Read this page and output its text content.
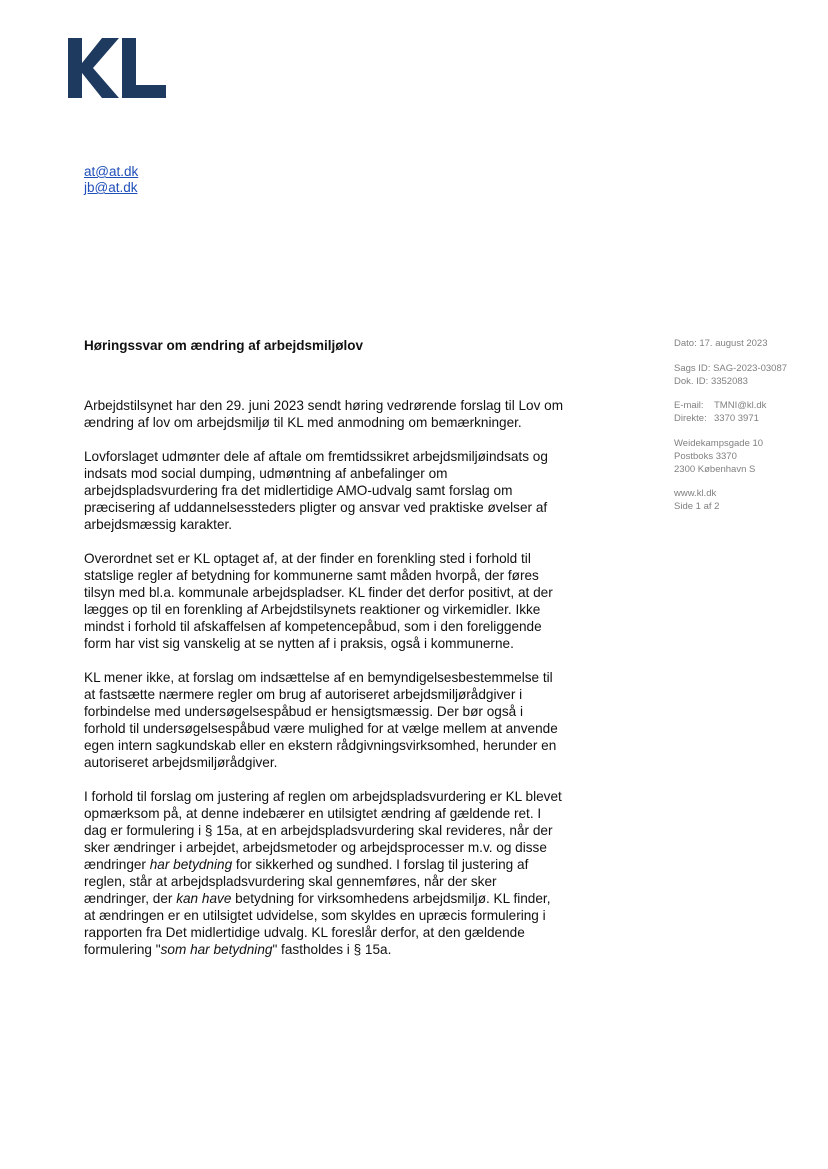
at@at.dk
jb@at.dk
Høringssvar om ændring af arbejdsmiljølov	Dato:
17. august 2023
Sags ID:
SAG-2023-03087
Dok. ID:
3352083
E-mail:	TMNI@kl.dk
Direkte: 3370 3971
Weidekampsgade 10
Postboks 3370
2300 København S
www.kl.dk
Side 1 af 2

Arbejdstilsynet har den 29. juni 2023 sendt høring vedrørende forslag til Lov om ændring af lov om arbejdsmiljø til KL med anmodning om bemærkninger.

Lovforslaget udmønter dele af aftale om fremtidssikret arbejdsmiljøindsats og indsats mod social dumping, udmøntning af anbefalinger om arbejdspladsvurdering fra det midlertidige AMO-udvalg samt forslag om præcisering af uddannelsessteders pligter og ansvar ved praktiske øvelser af arbejdsmæssig karakter.

Overordnet set er KL optaget af, at der finder en forenkling sted i forhold til statslige regler af betydning for kommunerne samt måden hvorpå, der føres tilsyn med bl.a. kommunale arbejdspladser. KL finder det derfor positivt, at der lægges op til en forenkling af Arbejdstilsynets reaktioner og virkemidler. Ikke mindst i forhold til afskaffelsen af kompetencepåbud, som i den foreliggende form har vist sig vanskelig at se nytten af i praksis, også i kommunerne.

KL mener ikke, at forslag om indsættelse af en bemyndigelsesbestemmelse til at fastsætte nærmere regler om brug af autoriseret arbejdsmiljørådgiver i forbindelse med undersøgelsespåbud er hensigtsmæssig. Der bør også i forhold til undersøgelsespåbud være mulighed for at vælge mellem at anvende egen intern sagkundskab eller en ekstern rådgivningsvirksomhed, herunder en autoriseret arbejdsmiljørådgiver.

I forhold til forslag om justering af reglen om arbejdspladsvurdering er KL blevet opmærksom på, at denne indebærer en utilsigtet ændring af gældende ret. I dag er formulering i § 15a, at en arbejdspladsvurdering skal revideres, når der sker ændringer i arbejdet, arbejdsmetoder og arbejdsprocesser m.v. og disse ændringer har betydning for sikkerhed og sundhed. I forslag til justering af reglen, står at arbejdspladsvurdering skal gennemføres, når der sker ændringer, der kan have betydning for virksomhedens arbejdsmiljø. KL finder, at ændringen er en utilsigtet udvidelse, som skyldes en upræcis formulering i rapporten fra Det midlertidige udvalg. KL foreslår derfor, at den gældende formulering "som har betydning" fastholdes i § 15a.
